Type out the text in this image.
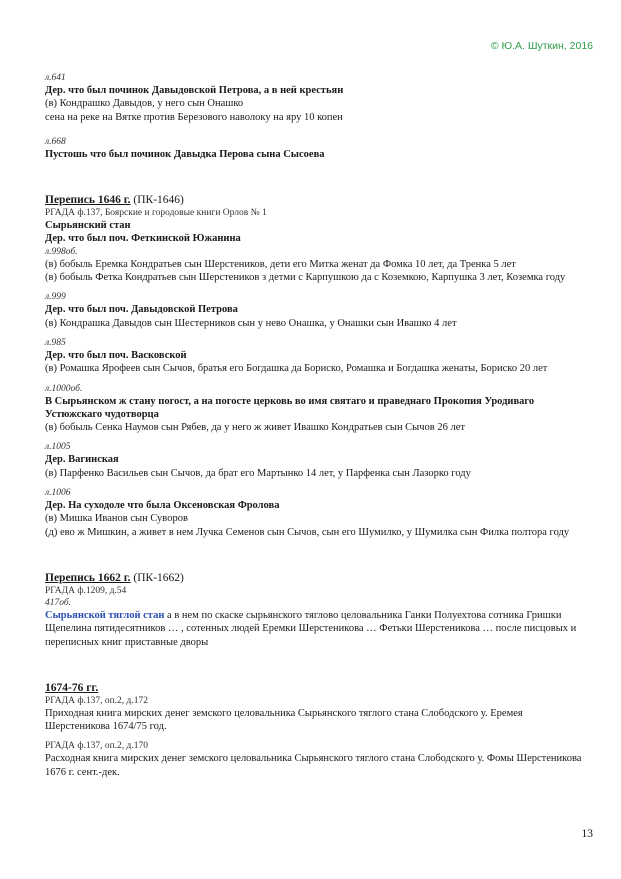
© Ю.А. Шуткин, 2016
л.641
Дер. что был починок Давыдовской Петрова, а в ней крестьян
(в) Кондрашко Давыдов, у него сын Онашко
сена на реке на Вятке против Березового наволоку на яру 10 копен
л.668
Пустошь что был починок Давыдка Перова сына Сысоева
Перепись 1646 г. (ПК-1646)
РГАДА ф.137, Боярские и городовые книги Орлов № 1
Сырьянский стан
Дер. что был поч. Феткинской Южанина
л.998об.
(в) бобыль Еремка Кондратьев сын Шерстеников, дети его Митка женат да Фомка 10 лет, да Тренка 5 лет
(в) бобыль Фетка Кондратьев сын Шерстеников з детми с Карпушкою да с Коземкою, Карпушка 3 лет, Коземка году
л.999
Дер. что был поч. Давыдовской Петрова
(в) Кондрашка Давыдов сын Шестерников сын у нево Онашка, у Онашки сын Ивашко 4 лет
л.985
Дер. что был поч. Васковской
(в) Ромашка Ярофеев сын Сычов, братья его Богдашка да Бориско, Ромашка и Богдашка женаты, Бориско 20 лет
л.1000об.
В Сырьянском ж стану погост, а на погосте церковь во имя святаго и праведнаго Прокопия Уродиваго Устюжскаго чудотворца
(в) бобыль Сенка Наумов сын Рябев, да у него ж живет Ивашко Кондратьев сын Сычов 26 лет
л.1005
Дер. Вагинская
(в) Парфенко Васильев сын Сычов, да брат его Мартынко 14 лет, у Парфенка сын Лазорко году
л.1006
Дер. На суходоле что была Оксеновская Фролова
(в) Мишка Иванов сын Суворов
(д) ево ж Мишкин, а живет в нем Лучка Семенов сын Сычов, сын его Шумилко, у Шумилка сын Филка полтора году
Перепись 1662 г. (ПК-1662)
РГАДА ф.1209, д.54
417об.
Сырьянской тяглой стан а в нем по скаске сырьянского тяглово целовальника Ганки Полуехтова сотника Гришки Щепелина пятидесятников … , сотенных людей Еремки Шерстеникова … Фетьки Шерстеникова … после писцовых и переписных книг приставные дворы
1674-76 гг.
РГАДА ф.137, оп.2, д.172
Приходная книга мирских денег земского целовальника Сырьянского тяглого стана Слободского у. Еремея Шерстеникова 1674/75 год.
РГАДА ф.137, оп.2, д.170
Расходная книга мирских денег земского целовальника Сырьянского тяглого стана Слободского у. Фомы Шерстеникова 1676 г. сент.-дек.
13
